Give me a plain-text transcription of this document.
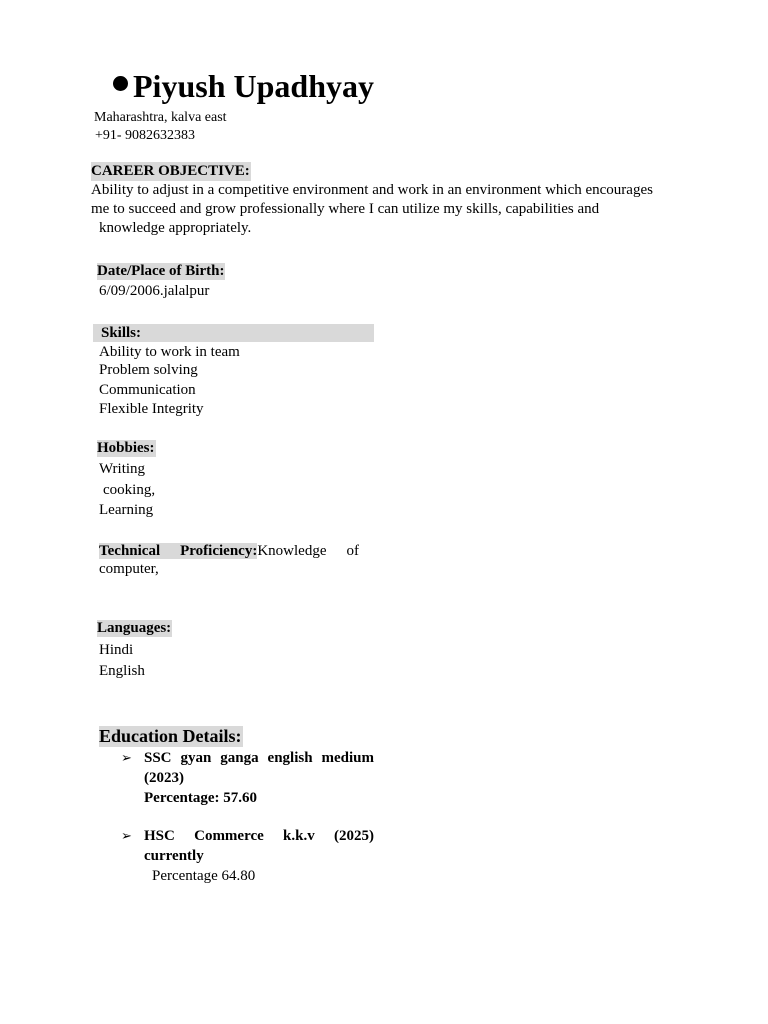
Piyush Upadhyay
Maharashtra, kalva east
+91- 9082632383
CAREER OBJECTIVE:
Ability to adjust in a competitive environment and work in an environment which encourages
me to succeed and grow professionally where I can utilize my skills, capabilities and
knowledge appropriately.
Date/Place of Birth:
6/09/2006.jalalpur
Skills:
Ability to work in team
Problem solving
Communication
Flexible Integrity
Hobbies:
Writing
cooking,
Learning
Technical Proficiency:Knowledge of computer,
Languages:
Hindi
English
Education Details:
➢ SSC gyan ganga english medium
(2023)
Percentage: 57.60
➢ HSC Commerce k.k.v (2025)
currently
Percentage 64.80
